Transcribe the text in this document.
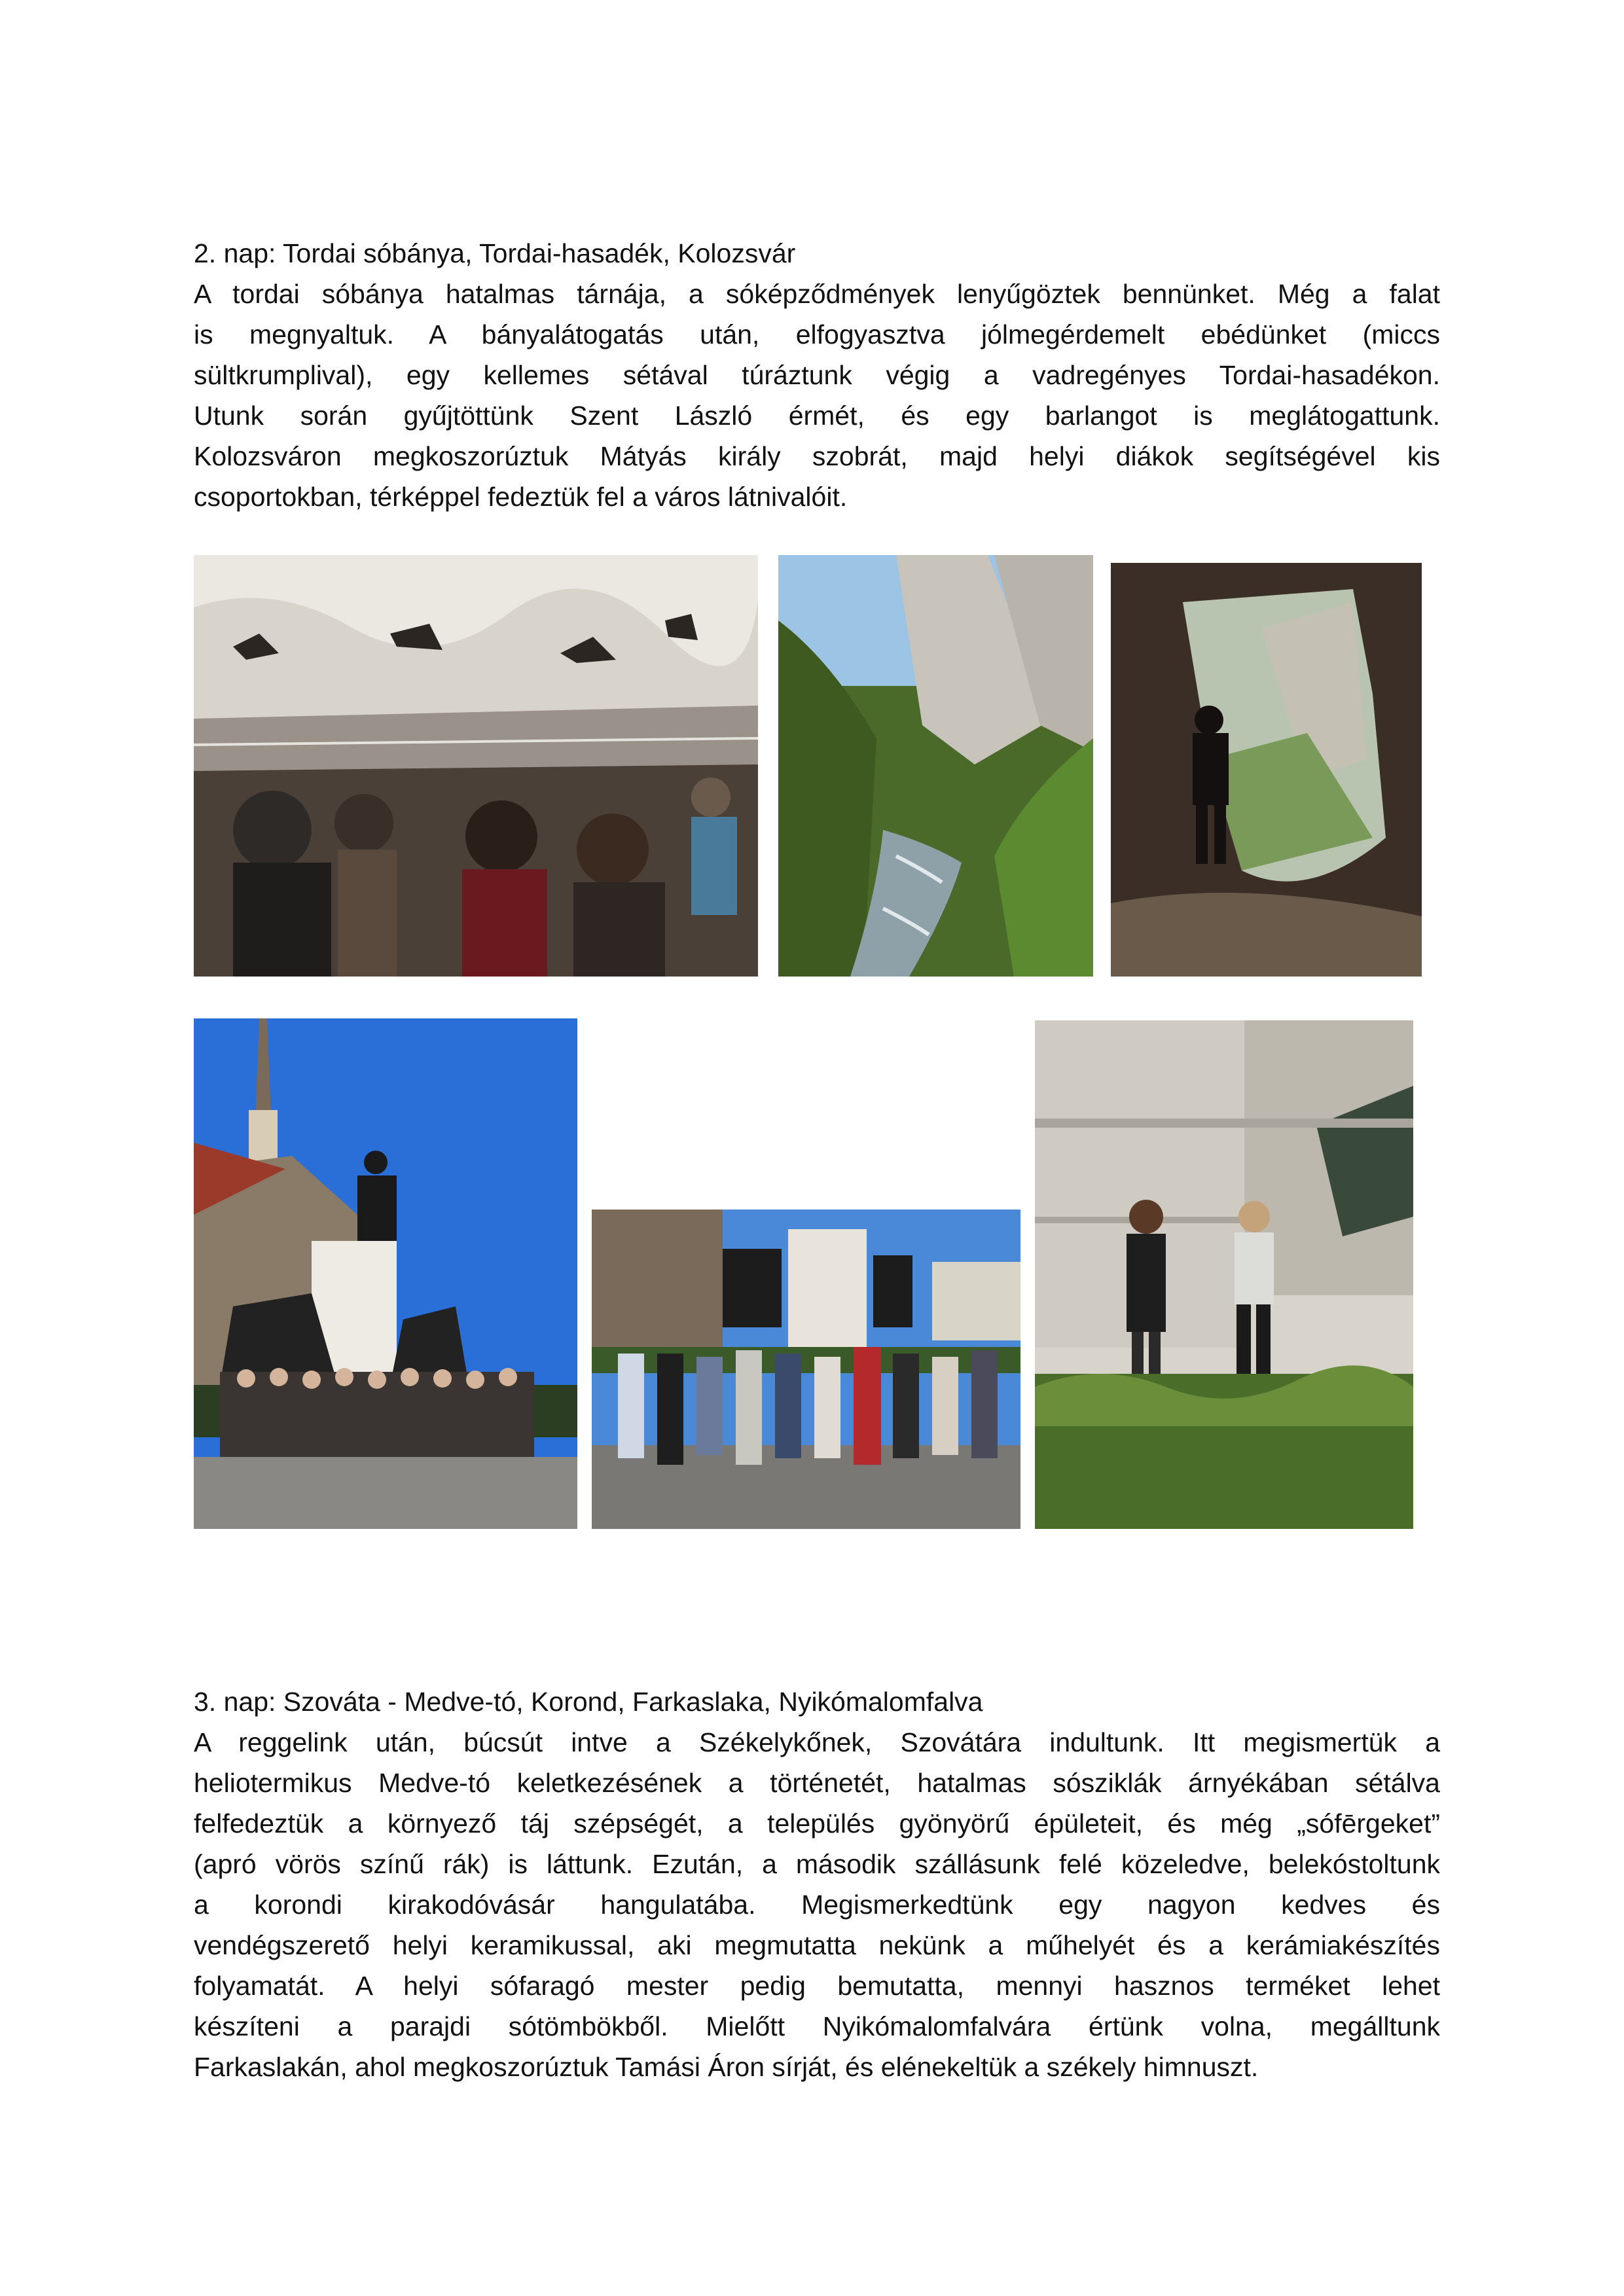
2. nap: Tordai sóbánya, Tordai-hasadék, Kolozsvár
A tordai sóbánya hatalmas tárnája, a sóképződmények lenyűgöztek bennünket. Még a falat
is megnyaltuk. A bányalátogatás után, elfogyasztva jólmegérdemelt ebédünket (miccs
sültkrumplival), egy kellemes sétával túráztunk végig a vadregényes Tordai-hasadékon.
Utunk során gyűjtöttünk Szent László érmét, és egy barlangot is meglátogattunk.
Kolozsváron megkoszorúztuk Mátyás király szobrát, majd helyi diákok segítségével kis
csoportokban, térképpel fedeztük fel a város látnivalóit.
3. nap: Szováta - Medve-tó, Korond, Farkaslaka, Nyikómalomfalva
A reggelink után, búcsút intve a Székelykőnek, Szovátára indultunk. Itt megismertük a
heliotermikus Medve-tó keletkezésének a történetét, hatalmas sósziklák árnyékában sétálva
felfedeztük a környező táj szépségét, a település gyönyörű épületeit, és még „sófērgeket”
(apró vörös színű rák) is láttunk. Ezután, a második szállásunk felé közeledve, belekóstoltunk
a korondi kirakodóvásár hangulatába. Megismerkedtünk egy nagyon kedves és
vendégszerető helyi keramikussal, aki megmutatta nekünk a műhelyét és a kerámiakészítés
folyamatát. A helyi sófaragó mester pedig bemutatta, mennyi hasznos terméket lehet
készíteni a parajdi sótömbökből. Mielőtt Nyikómalomfalvára értünk volna, megálltunk
Farkaslakán, ahol megkoszorúztuk Tamási Áron sírját, és elénekeltük a székely himnuszt.
